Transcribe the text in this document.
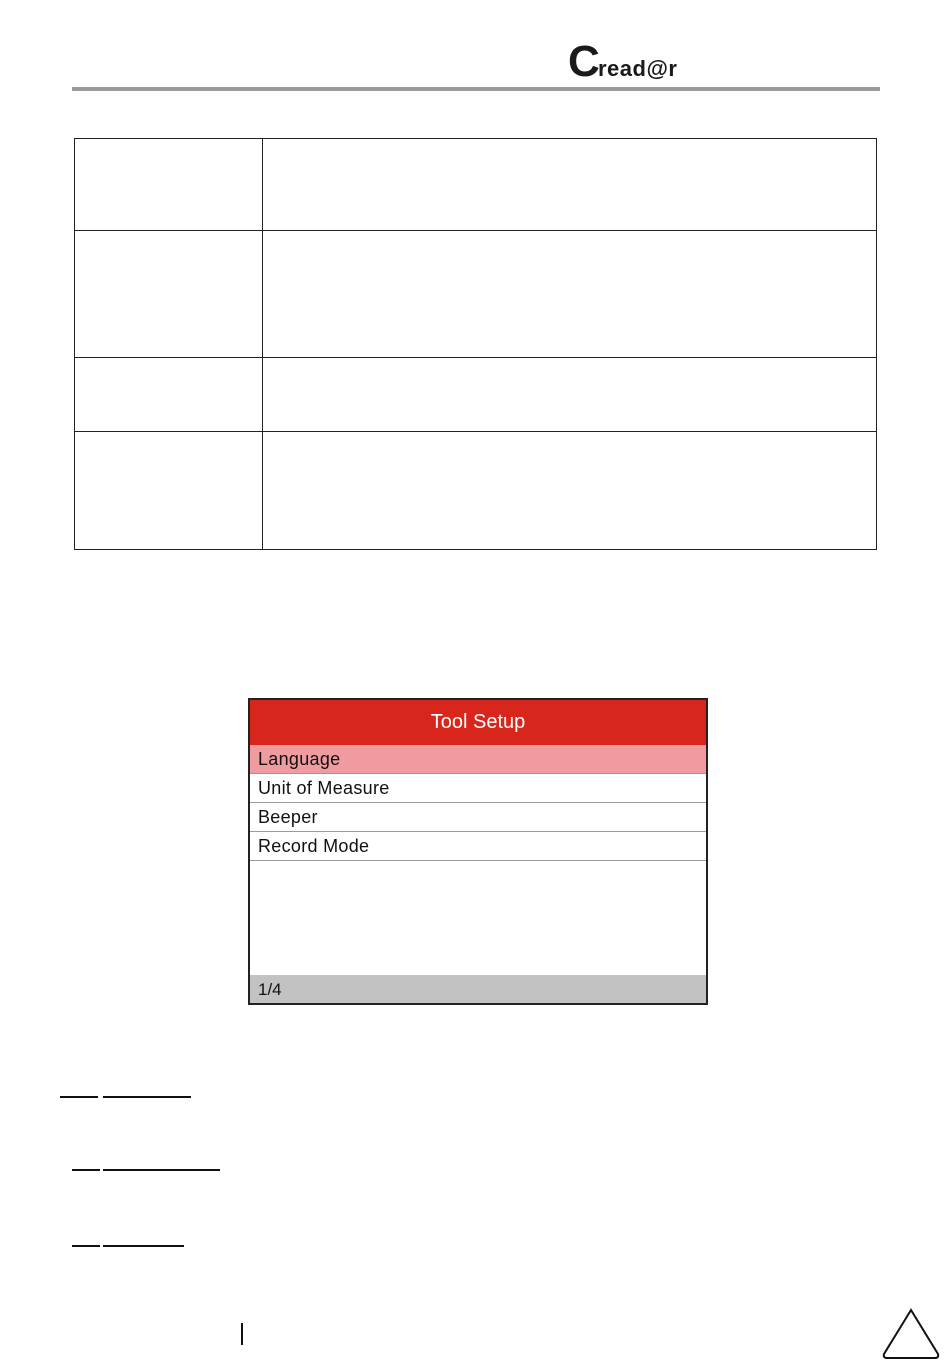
C
read@r

Tool Setup
Language
Unit of Measure
Beeper
Record Mode
1/4
